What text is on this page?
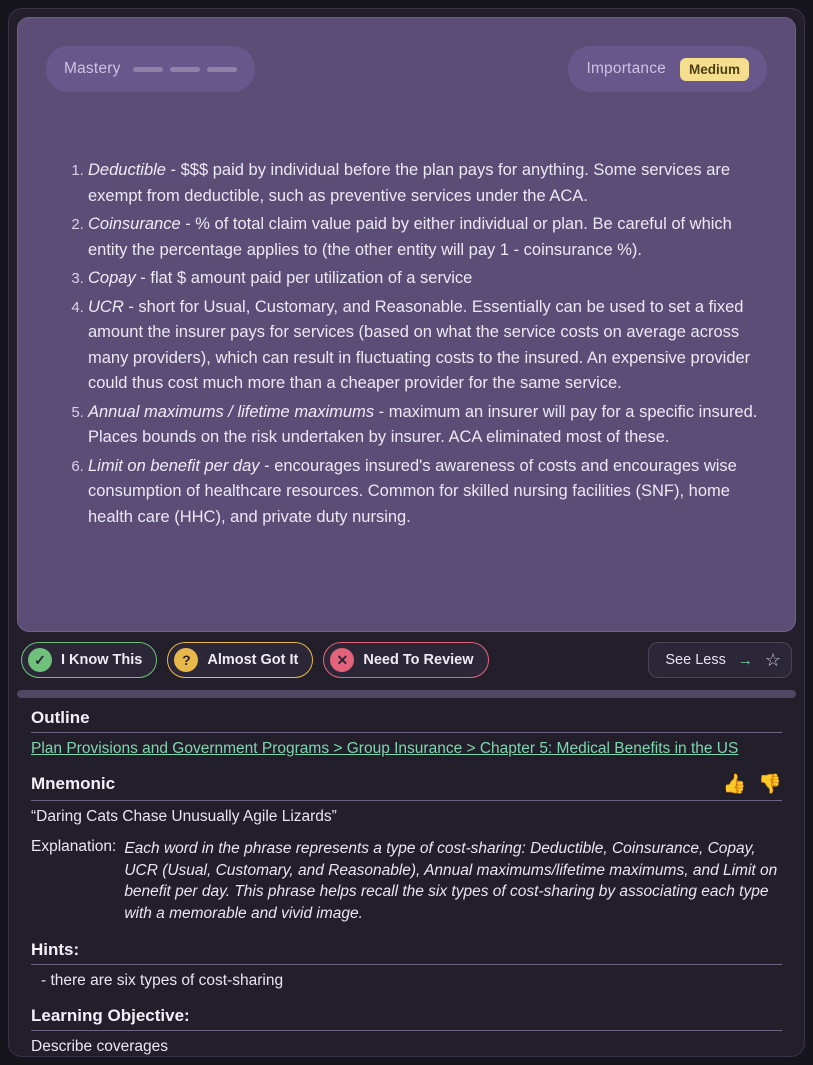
Mastery	Importance	Medium
1. Deductible - $$$ paid by individual before the plan pays for anything. Some services are exempt from deductible, such as preventive services under the ACA.
2. Coinsurance - % of total claim value paid by either individual or plan. Be careful of which entity the percentage applies to (the other entity will pay 1 - coinsurance %).
3. Copay - flat $ amount paid per utilization of a service
4. UCR - short for Usual, Customary, and Reasonable. Essentially can be used to set a fixed amount the insurer pays for services (based on what the service costs on average across many providers), which can result in fluctuating costs to the insured. An expensive provider could thus cost much more than a cheaper provider for the same service.
5. Annual maximums / lifetime maximums - maximum an insurer will pay for a specific insured. Places bounds on the risk undertaken by insurer. ACA eliminated most of these.
6. Limit on benefit per day - encourages insured's awareness of costs and encourages wise consumption of healthcare resources. Common for skilled nursing facilities (SNF), home health care (HHC), and private duty nursing.
✓	I Know This	?	Almost Got It	✕	Need To Review	See Less → ☆
Outline
Plan Provisions and Government Programs > Group Insurance > Chapter 5: Medical Benefits in the US
Mnemonic	👍 👎
“Daring Cats Chase Unusually Agile Lizards”
Explanation: Each word in the phrase represents a type of cost-sharing: Deductible, Coinsurance, Copay, UCR (Usual, Customary, and Reasonable), Annual maximums/lifetime maximums, and Limit on benefit per day. This phrase helps recall the six types of cost-sharing by associating each type with a memorable and vivid image.
Hints:
- there are six types of cost-sharing
Learning Objective:
Describe coverages
